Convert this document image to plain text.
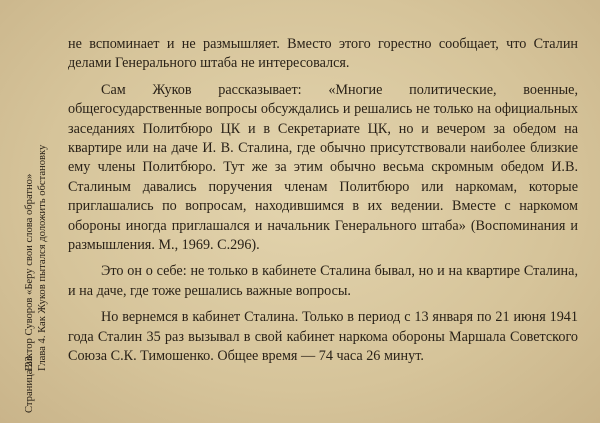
Страница 23
Виктор Суворов «Беру свои слова обратно» Глава 4. Как Жуков пытался доложить обстановку

не вспоминает и не размышляет. Вместо этого горестно сообщает, что Сталин делами Генерального штаба не интересовался.

Сам Жуков рассказывает: «Многие политические, военные, общегосударственные вопросы обсуждались и решались не только на официальных заседаниях Политбюро ЦК и в Секретариате ЦК, но и вечером за обедом на квартире или на даче И. В. Сталина, где обычно присутствовали наиболее близкие ему члены Политбюро. Тут же за этим обычно весьма скромным обедом И.В. Сталиным давались поручения членам Политбюро или наркомам, которые приглашались по вопросам, находившимся в их ведении. Вместе с наркомом обороны иногда приглашался и начальник Генерального штаба» (Воспоминания и размышления. М., 1969. С.296).

Это он о себе: не только в кабинете Сталина бывал, но и на квартире Сталина, и на даче, где тоже решались важные вопросы.

Но вернемся в кабинет Сталина. Только в период с 13 января по 21 июня 1941 года Сталин 35 раз вызывал в свой кабинет наркома обороны Маршала Советского Союза С.К. Тимошенко. Общее время — 74 часа 26 минут.
